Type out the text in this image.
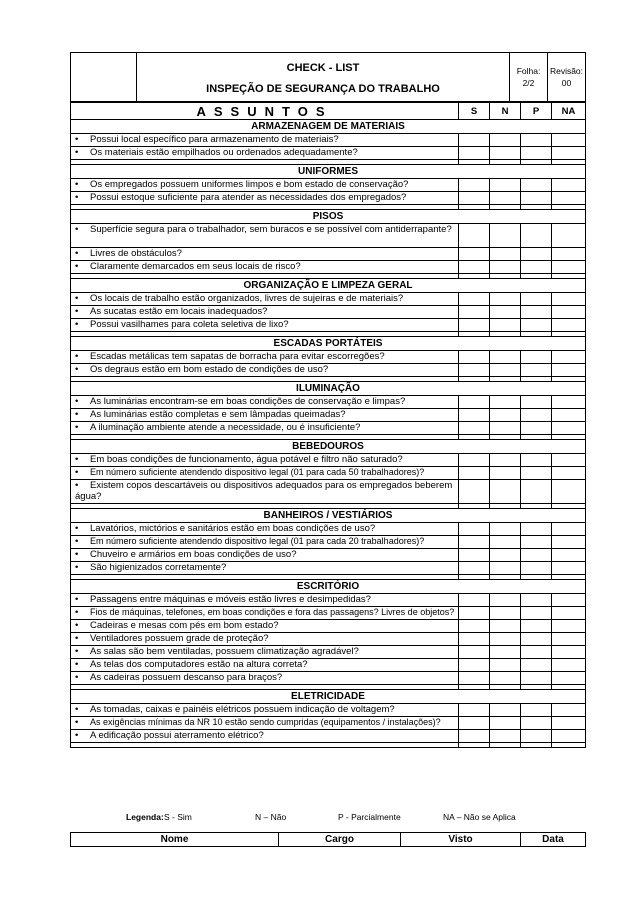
CHECK - LIST
INSPEÇÃO DE SEGURANÇA DO TRABALHO

Folha:
2/2

Revisão:
00
ASSUNTOS	S	N	P	NA
ARMAZENAGEM DE MATERIAIS				
• Possui local específico para armazenamento de materiais?				
• Os materiais estão empilhados ou ordenados adequadamente?				

UNIFORMES				
• Os empregados possuem uniformes limpos e bom estado de conservação?				
• Possui estoque suficiente para atender as necessidades dos empregados?				

PISOS				
• Superfície segura para o trabalhador, sem buracos e se possível com antiderrapante?				
• Livres de obstáculos?				
• Claramente demarcados em seus locais de risco?				

ORGANIZAÇÃO E LIMPEZA GERAL				
• Os locais de trabalho estão organizados, livres de sujeiras e de materiais?				
• As sucatas estão em locais inadequados?				
• Possui vasilhames para coleta seletiva de lixo?				

ESCADAS PORTÁTEIS				
• Escadas metálicas tem sapatas de borracha para evitar escorregões?				
• Os degraus estão em bom estado de condições de uso?				

ILUMINAÇÃO				
• As luminárias encontram-se em boas condições de conservação e limpas?				
• As luminárias estão completas e sem lâmpadas queimadas?				
• A iluminação ambiente atende a necessidade, ou é insuficiente?				

BEBEDOUROS				
• Em boas condições de funcionamento, água potável e filtro não saturado?				
• Em número suficiente atendendo dispositivo legal (01 para cada 50 trabalhadores)?				
• Existem copos descartáveis ou dispositivos adequados para os empregados beberem água?				

BANHEIROS / VESTIÁRIOS				
• Lavatórios, mictórios e sanitários estão em boas condições de uso?				
• Em número suficiente atendendo dispositivo legal (01 para cada 20 trabalhadores)?				
• Chuveiro e armários em boas condições de uso?				
• São higienizados corretamente?				

ESCRITÓRIO				
• Passagens entre máquinas e móveis estão livres e desimpedidas?				
• Fios de máquinas, telefones, em boas condições e fora das passagens? Livres de objetos?				
• Cadeiras e mesas com pés em bom estado?				
• Ventiladores possuem grade de proteção?				
• As salas são bem ventiladas, possuem climatização agradável?				
• As telas dos computadores estão na altura correta?				
• As cadeiras possuem descanso para braços?				

ELETRICIDADE				
• As tomadas, caixas e painéis elétricos possuem indicação de voltagem?				
• As exigências mínimas da NR 10 estão sendo cumpridas (equipamentos / instalações)?				
• A edificação possui aterramento elétrico?				

Legenda: S - Sim	N – Não	P - Parcialmente	NA – Não se Aplica
Nome	Cargo	Visto	Data
